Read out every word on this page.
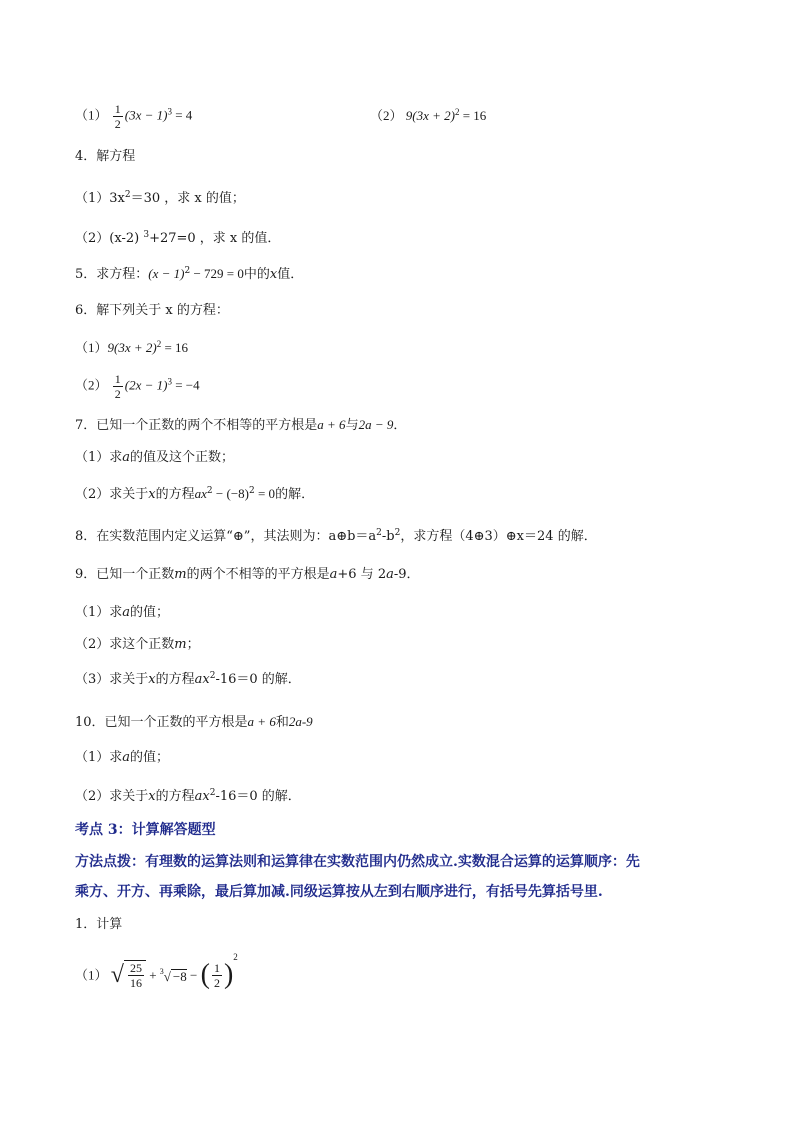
$(1) \frac{1}{2} (3x - 1)^3 = 4$	（2） $9(3x + 2)^2 = 16$
4．解方程
$(1)3x^2=30$ ，求 x 的值；
（2）(x-2) $^3$+27=0 ，求 x 的值．
5．求方程：$(x - 1)^2 - 729 = 0$中的x值．
6．解下列关于 x 的方程：
$(1)9(3x + 2)^2 = 16$
$(2) \frac{1}{2} (2x - 1)^3 = -4$
7．已知一个正数的两个不相等的平方根是a + 6与2a − 9．
（1）求a的值及这个正数；
（2）求关于x的方程$ax^2 - (-8)^2 = 0$的解．
8．在实数范围内定义运算“⊕”，其法则为：$a\oplus b=a^2-b^2$，求方程（4⊕3）⊕x＝24 的解．
9．已知一个正数m的两个不相等的平方根是a+6 与 2a-9．
（1）求a的值；
（2）求这个正数m；
（3）求关于x的方程$ax^2-16=0$ 的解．
10．已知一个正数的平方根是a + 6和2a-9
（1）求a的值；
（2）求关于x的方程$ax^2-16=0$ 的解．
考点 3：计算解答题型
方法点拨：有理数的运算法则和运算律在实数范围内仍然成立.实数混合运算的运算顺序：先
乘方、开方、再乘除，最后算加减.同级运算按从左到右顺序进行，有括号先算括号里.
1．计算
（1） √ $\frac{25}{16} + ^3√ -8$ − ( $\frac{1}{2} )^2$
